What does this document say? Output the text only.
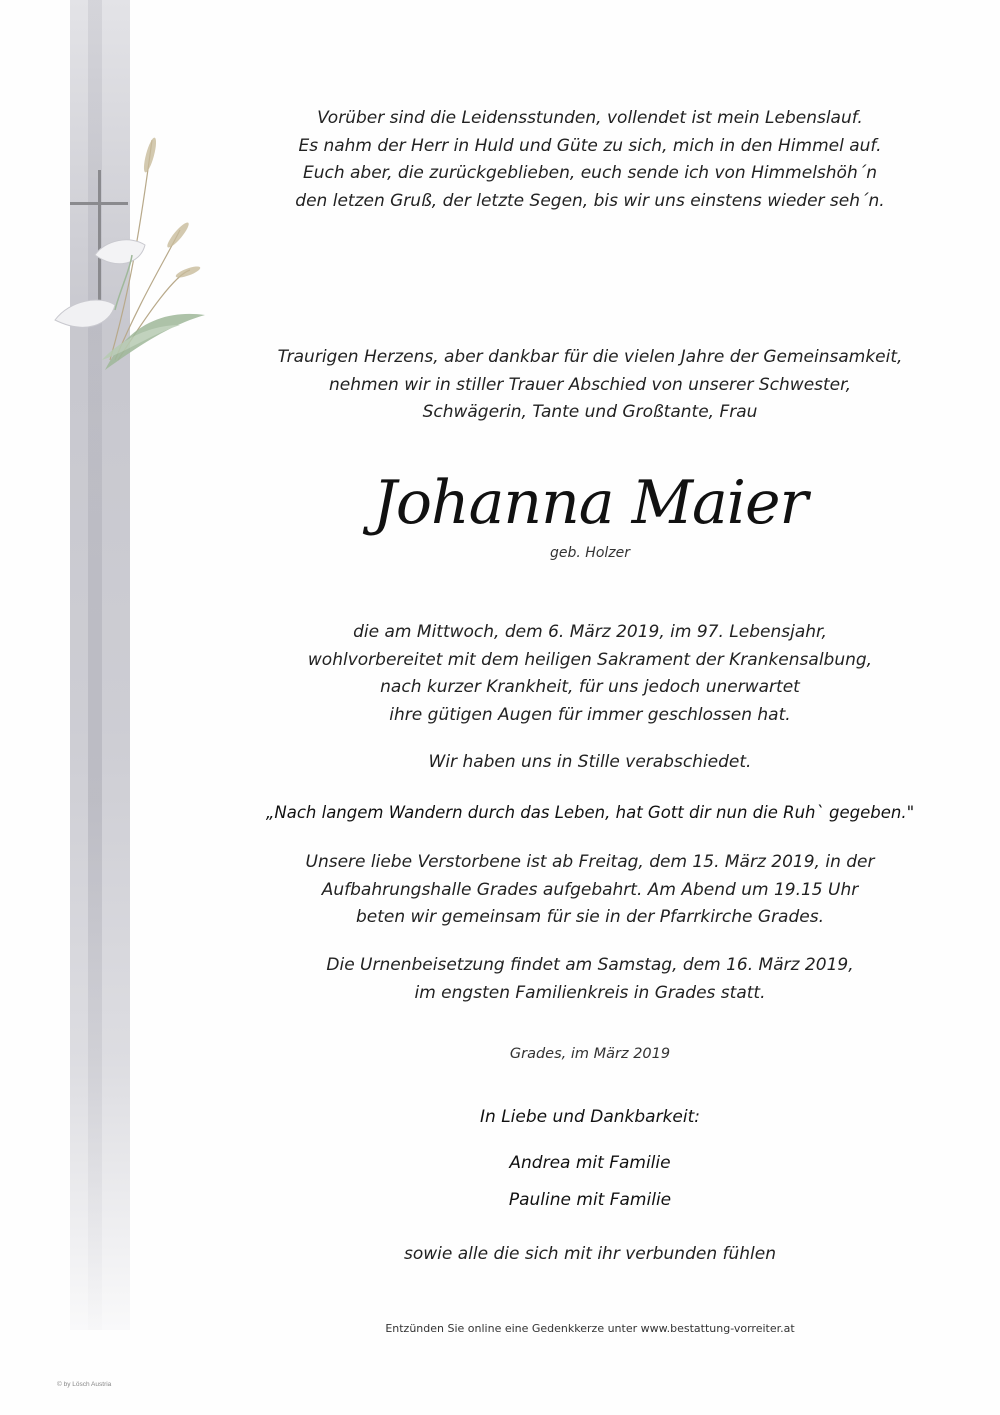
Vorüber sind die Leidensstunden, vollendet ist mein Lebenslauf.
Es nahm der Herr in Huld und Güte zu sich, mich in den Himmel auf.
Euch aber, die zurückgeblieben, euch sende ich von Himmelshöh´n
den letzen Gruß, der letzte Segen, bis wir uns einstens wieder seh´n.
Traurigen Herzens, aber dankbar für die vielen Jahre der Gemeinsamkeit,
nehmen wir in stiller Trauer Abschied von unserer Schwester,
Schwägerin, Tante und Großtante, Frau
Johanna Maier
geb. Holzer
die am Mittwoch, dem 6. März 2019, im 97. Lebensjahr,
wohlvorbereitet mit dem heiligen Sakrament der Krankensalbung,
nach kurzer Krankheit, für uns jedoch unerwartet
ihre gütigen Augen für immer geschlossen hat.
Wir haben uns in Stille verabschiedet.
„Nach langem Wandern durch das Leben, hat Gott dir nun die Ruh` gegeben."
Unsere liebe Verstorbene ist ab Freitag, dem 15. März 2019, in der
Aufbahrungshalle Grades aufgebahrt. Am Abend um 19.15 Uhr
beten wir gemeinsam für sie in der Pfarrkirche Grades.
Die Urnenbeisetzung findet am Samstag, dem 16. März 2019,
im engsten Familienkreis in Grades statt.
Grades, im März 2019
In Liebe und Dankbarkeit:
Andrea mit Familie
Pauline mit Familie
sowie alle die sich mit ihr verbunden fühlen
Entzünden Sie online eine Gedenkkerze unter www.bestattung-vorreiter.at
© by Lösch Austria
